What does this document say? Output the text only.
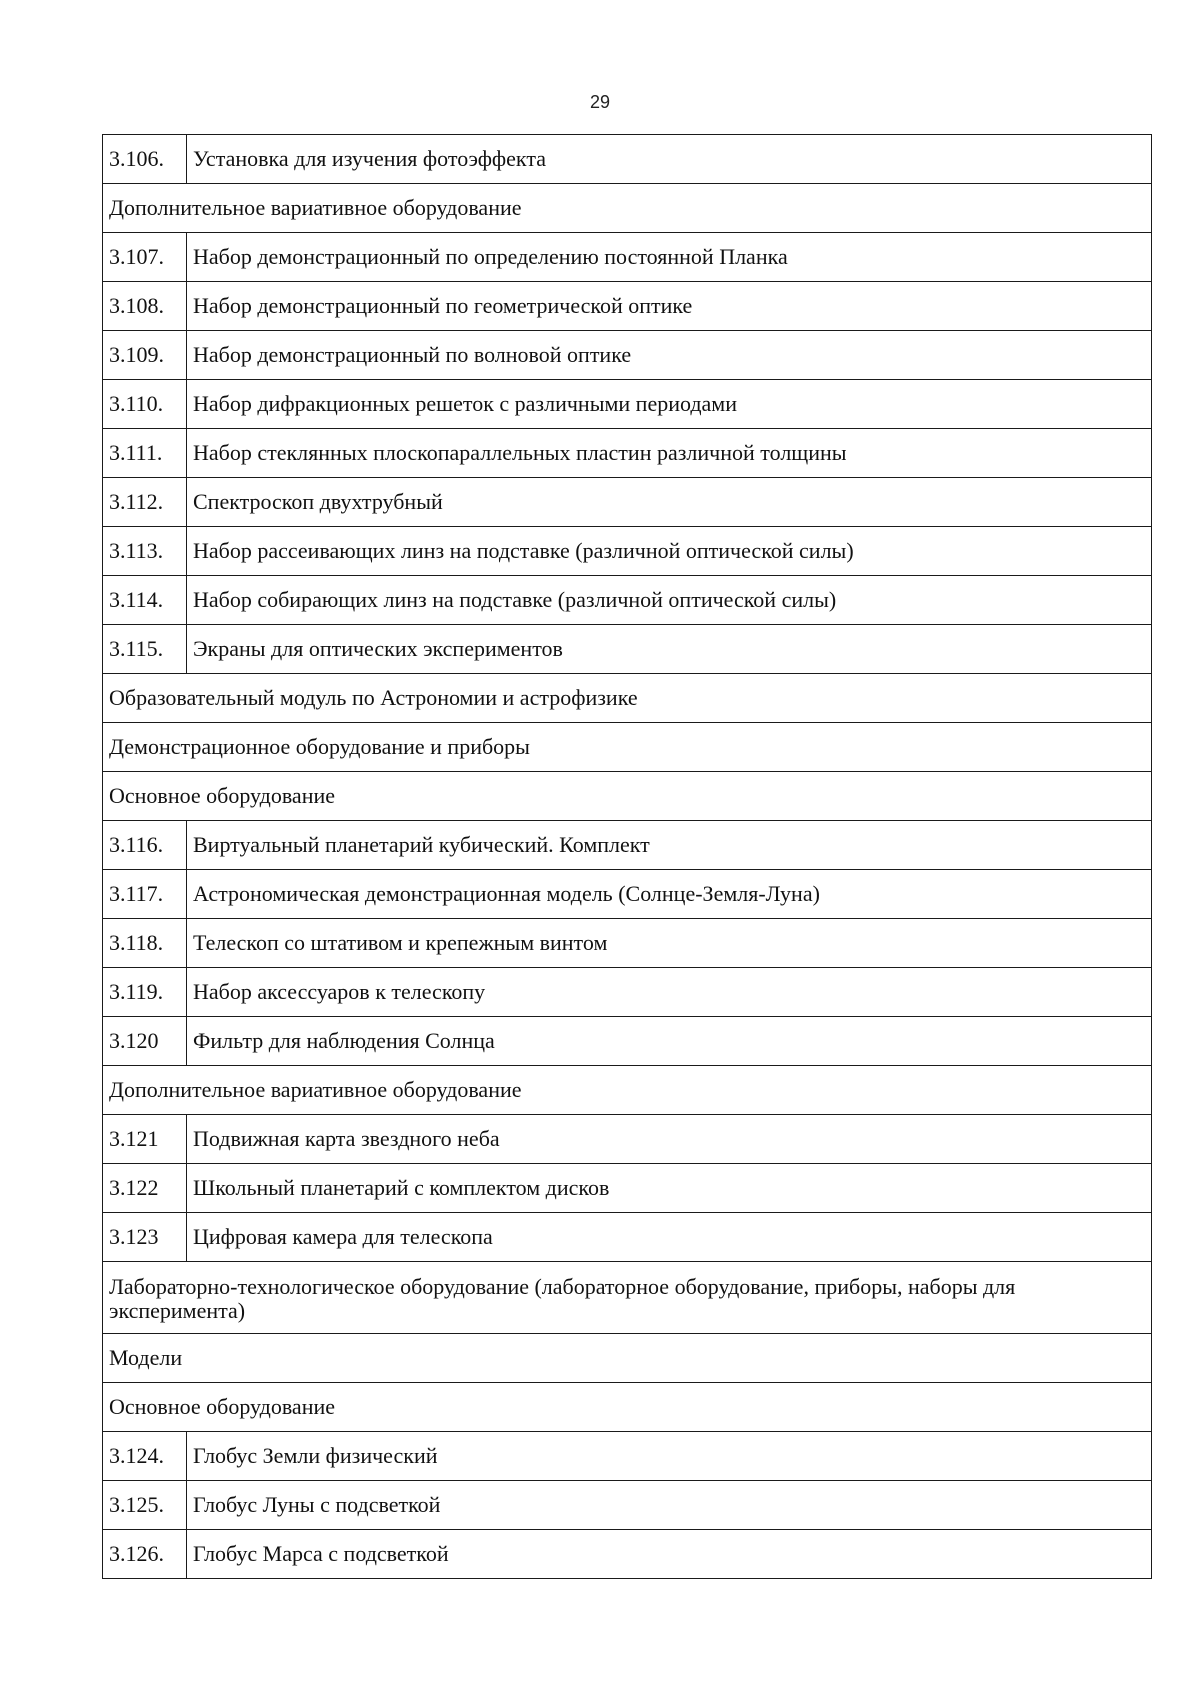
29
3.106.	Установка для изучения фотоэффекта
Дополнительное вариативное оборудование	
3.107.	Набор демонстрационный по определению постоянной Планка
3.108.	Набор демонстрационный по геометрической оптике
3.109.	Набор демонстрационный по волновой оптике
3.110.	Набор дифракционных решеток с различными периодами
3.111.	Набор стеклянных плоскопараллельных пластин различной толщины
3.112.	Спектроскоп двухтрубный
3.113.	Набор рассеивающих линз на подставке (различной оптической силы)
3.114.	Набор собирающих линз на подставке (различной оптической силы)
3.115.	Экраны для оптических экспериментов
Образовательный модуль по Астрономии и астрофизике	
Демонстрационное оборудование и приборы	
Основное оборудование	
3.116.	Виртуальный планетарий кубический. Комплект
3.117.	Астрономическая демонстрационная модель (Солнце-Земля-Луна)
3.118.	Телескоп со штативом и крепежным винтом
3.119.	Набор аксессуаров к телескопу
3.120	Фильтр для наблюдения Солнца
Дополнительное вариативное оборудование	
3.121	Подвижная карта звездного неба
3.122	Школьный планетарий с комплектом дисков
3.123	Цифровая камера для телескопа
Лабораторно-технологическое оборудование (лабораторное оборудование, приборы, наборы для эксперимента)	
Модели	
Основное оборудование	
3.124.	Глобус Земли физический
3.125.	Глобус Луны с подсветкой
3.126.	Глобус Марса с подсветкой
